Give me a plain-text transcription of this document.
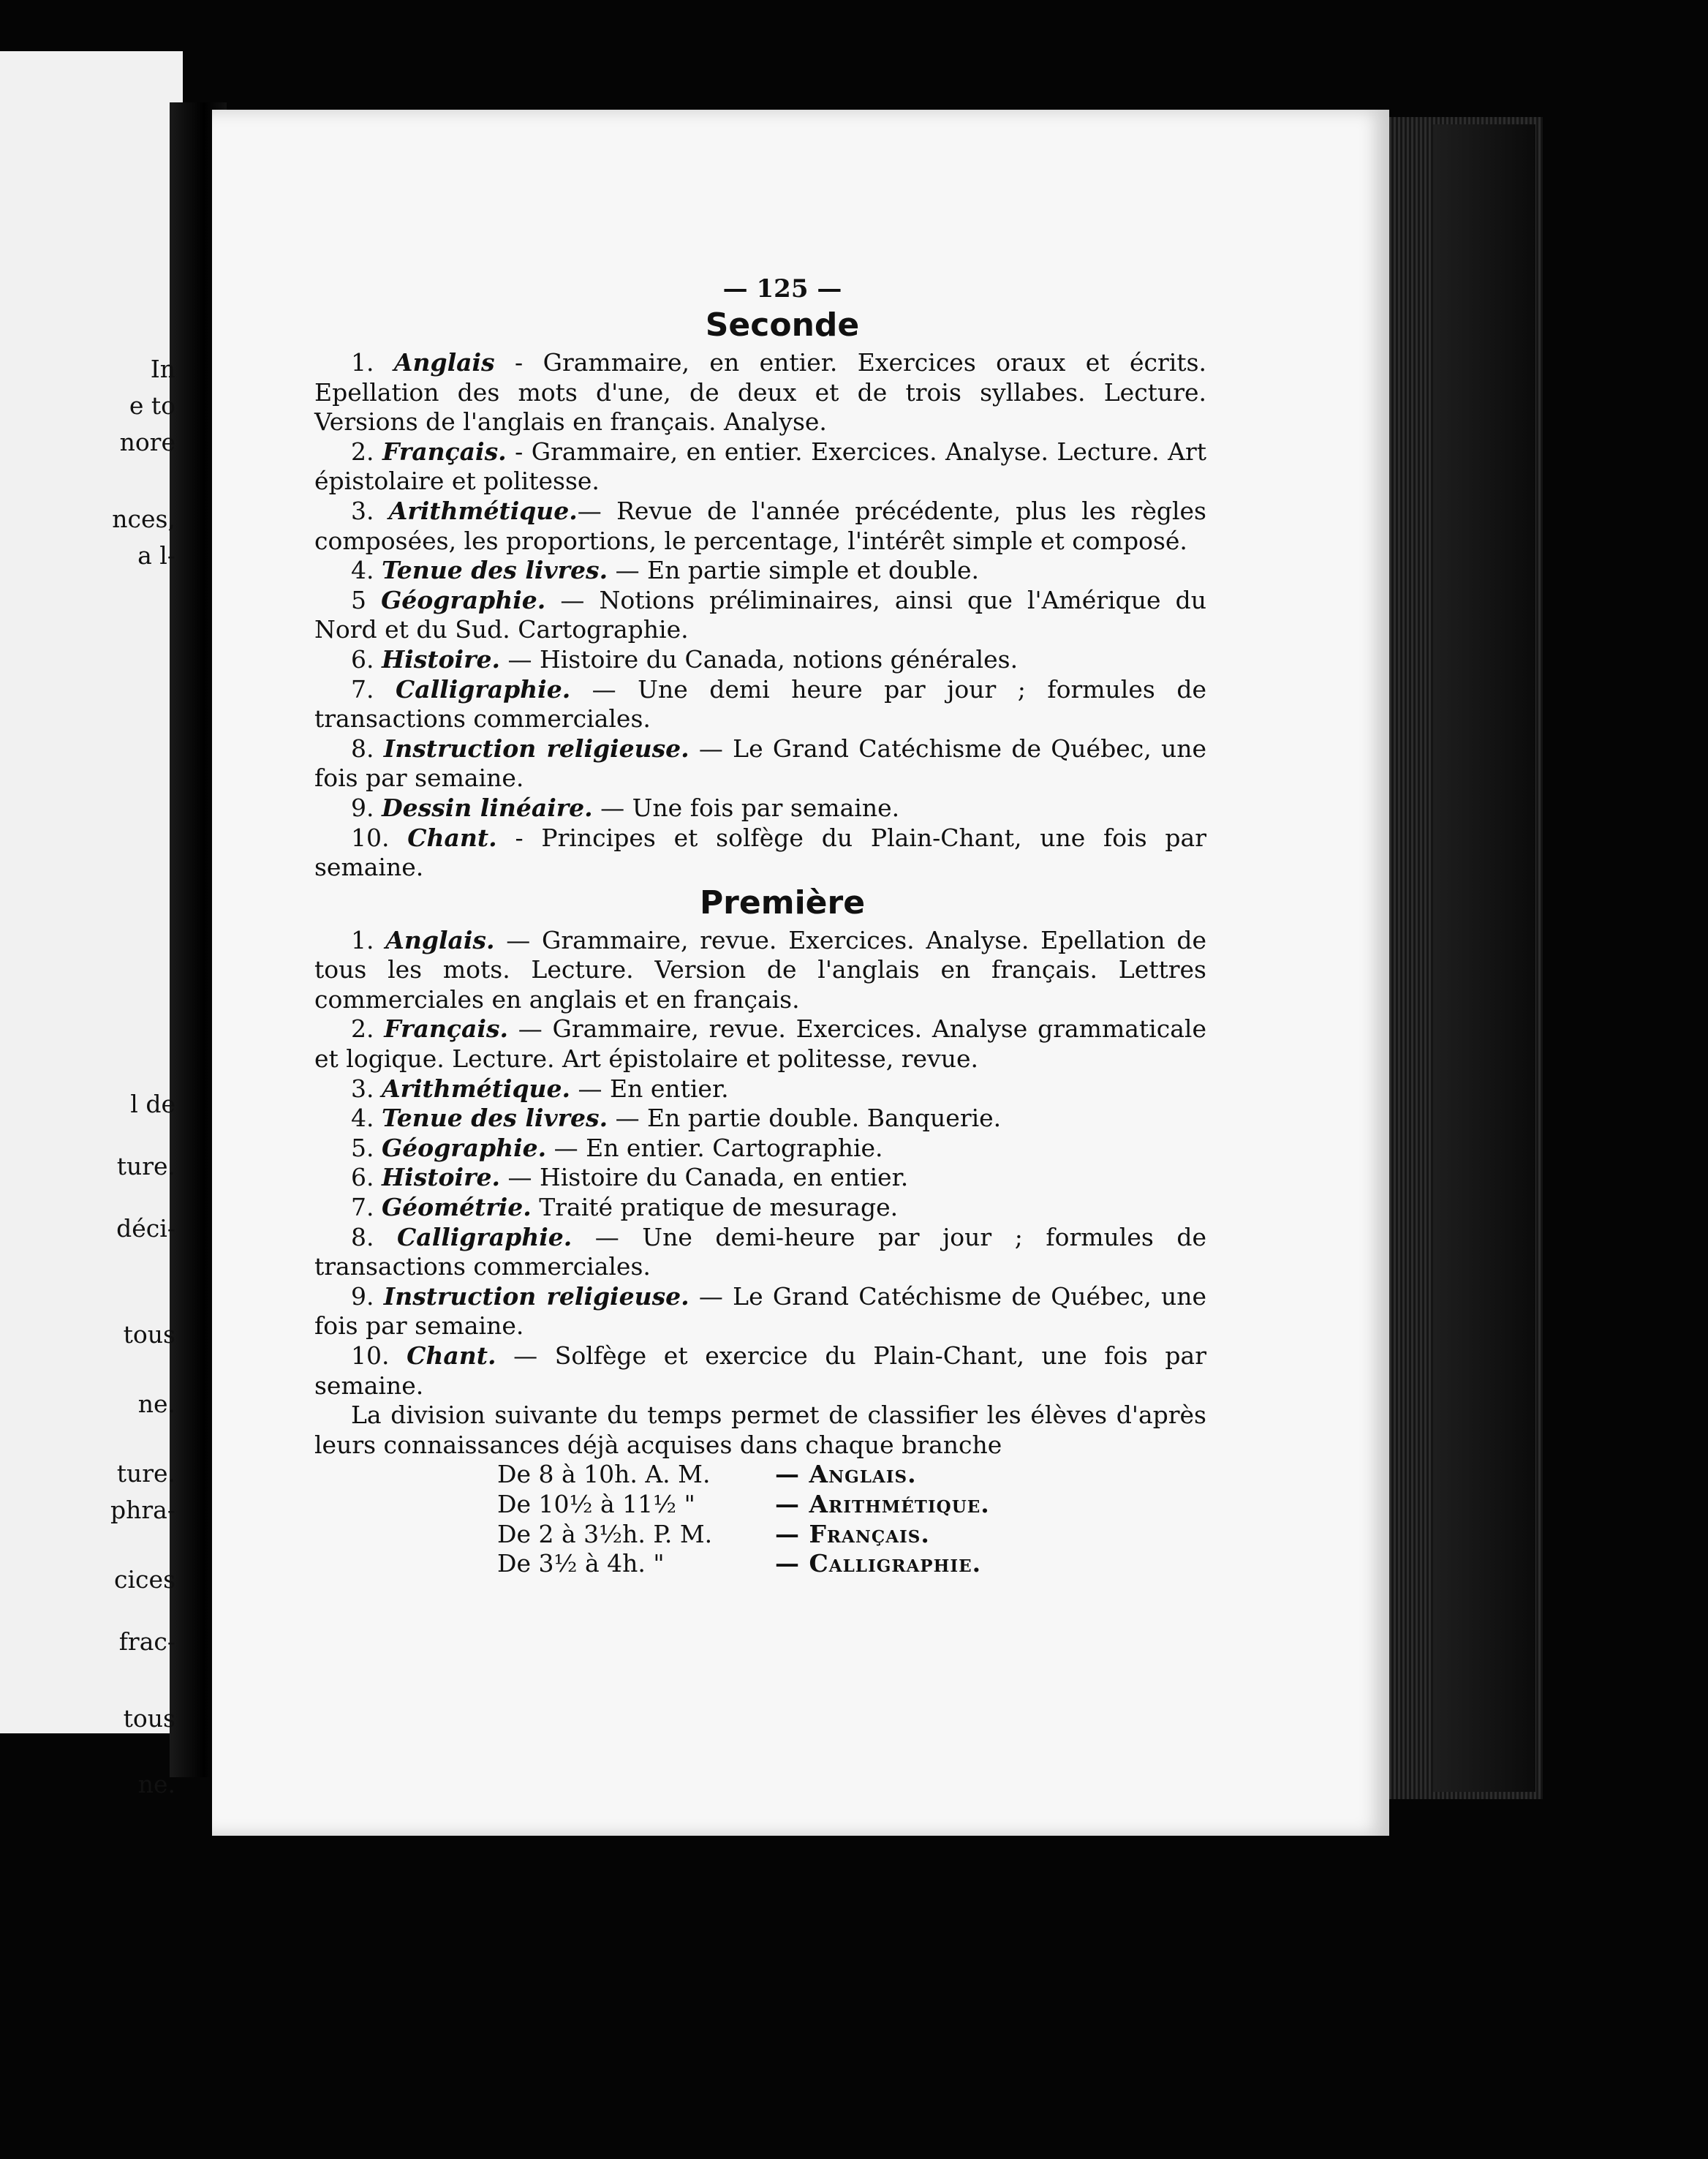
In
e to
nore
nces,
a l-
l de
ture.
déci-
tous
ne.
ture.
phra-
cices
frac-
tous
ne.
— 125 —
Seconde

1. Anglais - Grammaire, en entier. Exercices oraux et écrits. Epellation des mots d'une, de deux et de trois syllabes. Lecture. Versions de l'anglais en français. Analyse.

2. Français. - Grammaire, en entier. Exercices. Analyse. Lecture. Art épistolaire et politesse.

3. Arithmétique.— Revue de l'année précédente, plus les règles composées, les proportions, le percentage, l'intérêt simple et composé.

4. Tenue des livres. — En partie simple et double.

5 Géographie. — Notions préliminaires, ainsi que l'Amérique du Nord et du Sud. Cartographie.

6. Histoire. — Histoire du Canada, notions générales.

7. Calligraphie. — Une demi heure par jour ; formules de transactions commerciales.

8. Instruction religieuse. — Le Grand Catéchisme de Québec, une fois par semaine.

9. Dessin linéaire. — Une fois par semaine.

10. Chant. - Principes et solfège du Plain-Chant, une fois par semaine.

Première

1. Anglais. — Grammaire, revue. Exercices. Analyse. Epellation de tous les mots. Lecture. Version de l'anglais en français. Lettres commerciales en anglais et en français.

2. Français. — Grammaire, revue. Exercices. Analyse grammaticale et logique. Lecture. Art épistolaire et politesse, revue.

3. Arithmétique. — En entier.

4. Tenue des livres. — En partie double. Banquerie.

5. Géographie. — En entier. Cartographie.

6. Histoire. — Histoire du Canada, en entier.

7. Géométrie. Traité pratique de mesurage.

8. Calligraphie. — Une demi-heure par jour ; formules de transactions commerciales.

9. Instruction religieuse. — Le Grand Catéchisme de Québec, une fois par semaine.

10. Chant. — Solfège et exercice du Plain-Chant, une fois par semaine.

La division suivante du temps permet de classifier les élèves d'après leurs connaissances déjà acquises dans chaque branche

De 8 à 10h. A. M.	— Anglais.
De 10½ à 11½ "	— Arithmétique.
De 2 à 3½h. P. M.	— Français.
De 3½ à 4h. "	— Calligraphie.
